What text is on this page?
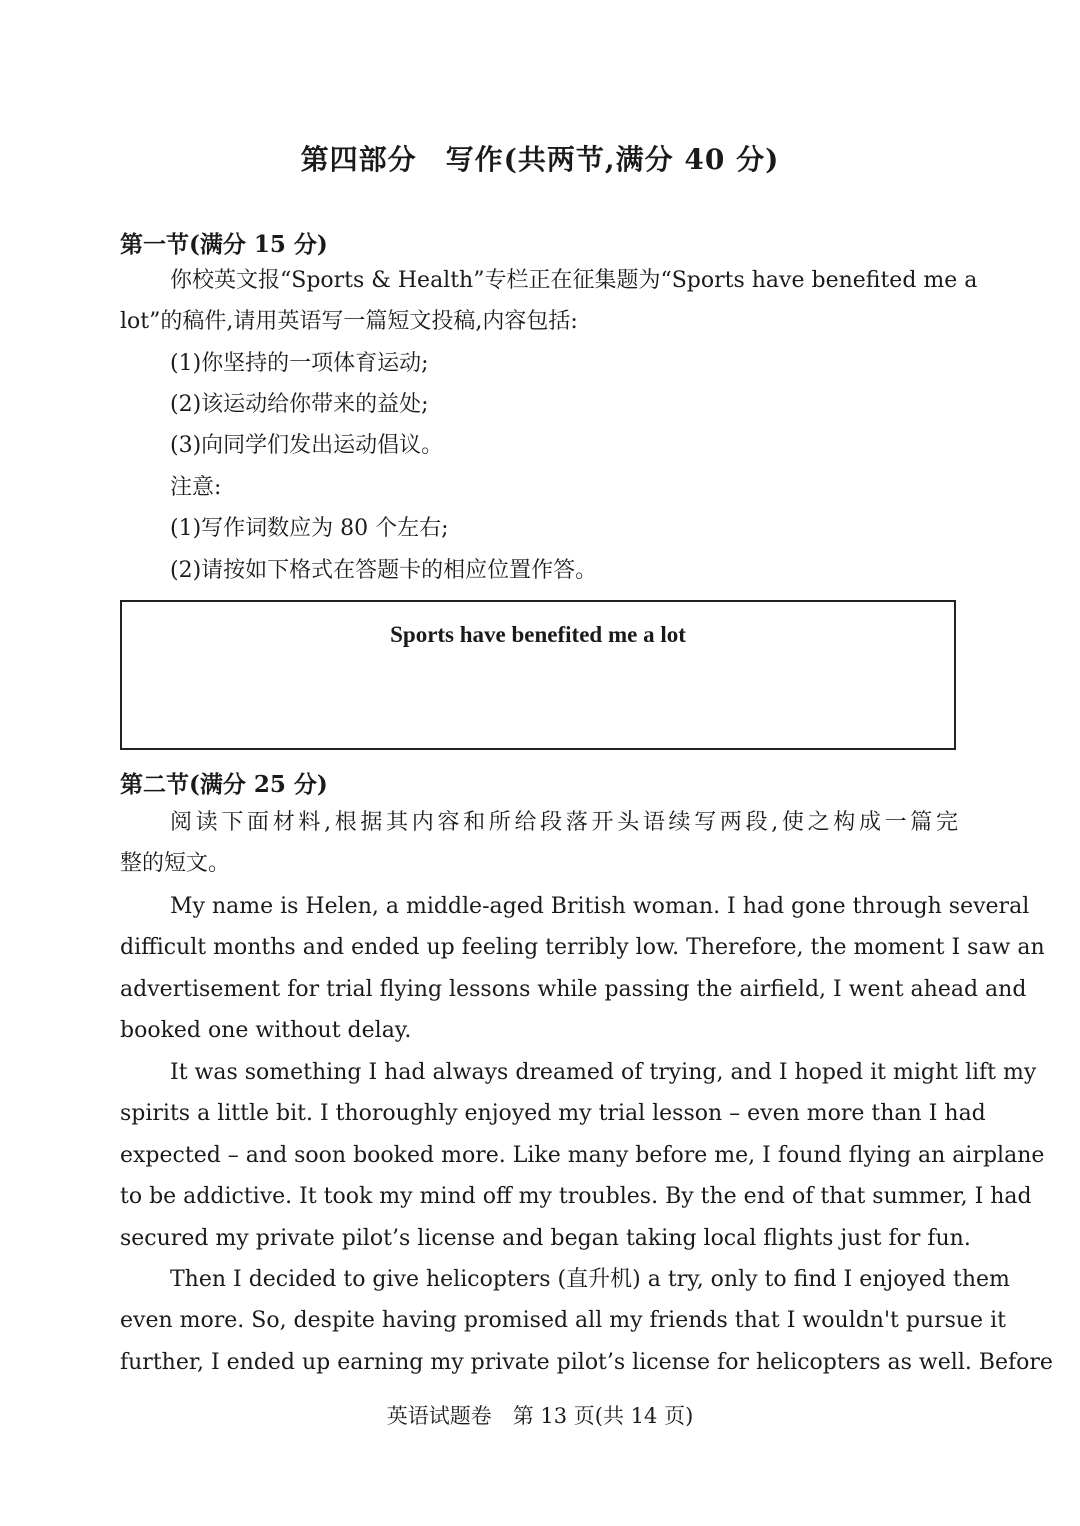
第四部分　写作(共两节,满分 40 分)
第一节(满分 15 分)
你校英文报“Sports & Health”专栏正在征集题为“Sports have benefited me a
lot”的稿件,请用英语写一篇短文投稿,内容包括:
(1)你坚持的一项体育运动;
(2)该运动给你带来的益处;
(3)向同学们发出运动倡议。
注意:
(1)写作词数应为 80 个左右;
(2)请按如下格式在答题卡的相应位置作答。
Sports have benefited me a lot
第二节(满分 25 分)
阅读下面材料,根据其内容和所给段落开头语续写两段,使之构成一篇完
整的短文。
My name is Helen, a middle-aged British woman. I had gone through several
difficult months and ended up feeling terribly low. Therefore, the moment I saw an
advertisement for trial flying lessons while passing the airfield, I went ahead and
booked one without delay.
It was something I had always dreamed of trying, and I hoped it might lift my
spirits a little bit. I thoroughly enjoyed my trial lesson – even more than I had
expected – and soon booked more. Like many before me, I found flying an airplane
to be addictive. It took my mind off my troubles. By the end of that summer, I had
secured my private pilot’s license and began taking local flights just for fun.
Then I decided to give helicopters (直升机) a try, only to find I enjoyed them
even more. So, despite having promised all my friends that I wouldn't pursue it
further, I ended up earning my private pilot’s license for helicopters as well. Before
英语试题卷　第 13 页(共 14 页)
